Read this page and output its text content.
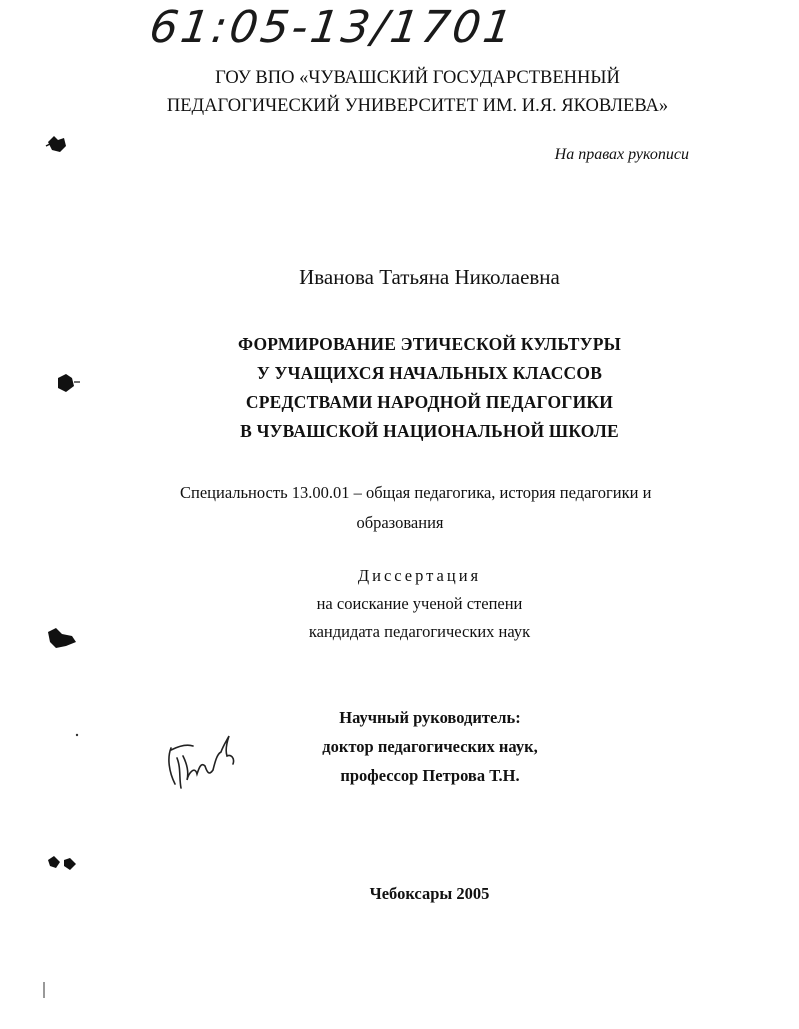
61:05-13/1701
ГОУ ВПО «ЧУВАШСКИЙ ГОСУДАРСТВЕННЫЙ
ПЕДАГОГИЧЕСКИЙ УНИВЕРСИТЕТ ИМ. И.Я. ЯКОВЛЕВА»
На правах рукописи
Иванова Татьяна Николаевна
ФОРМИРОВАНИЕ ЭТИЧЕСКОЙ КУЛЬТУРЫ
У УЧАЩИХСЯ НАЧАЛЬНЫХ КЛАССОВ
СРЕДСТВАМИ НАРОДНОЙ ПЕДАГОГИКИ
В ЧУВАШСКОЙ НАЦИОНАЛЬНОЙ ШКОЛЕ
Специальность 13.00.01 – общая педагогика, история педагогики и
образования
Диссертация
на соискание ученой степени
кандидата педагогических наук
Научный руководитель:
доктор педагогических наук,
профессор Петрова Т.Н.
Чебоксары 2005
